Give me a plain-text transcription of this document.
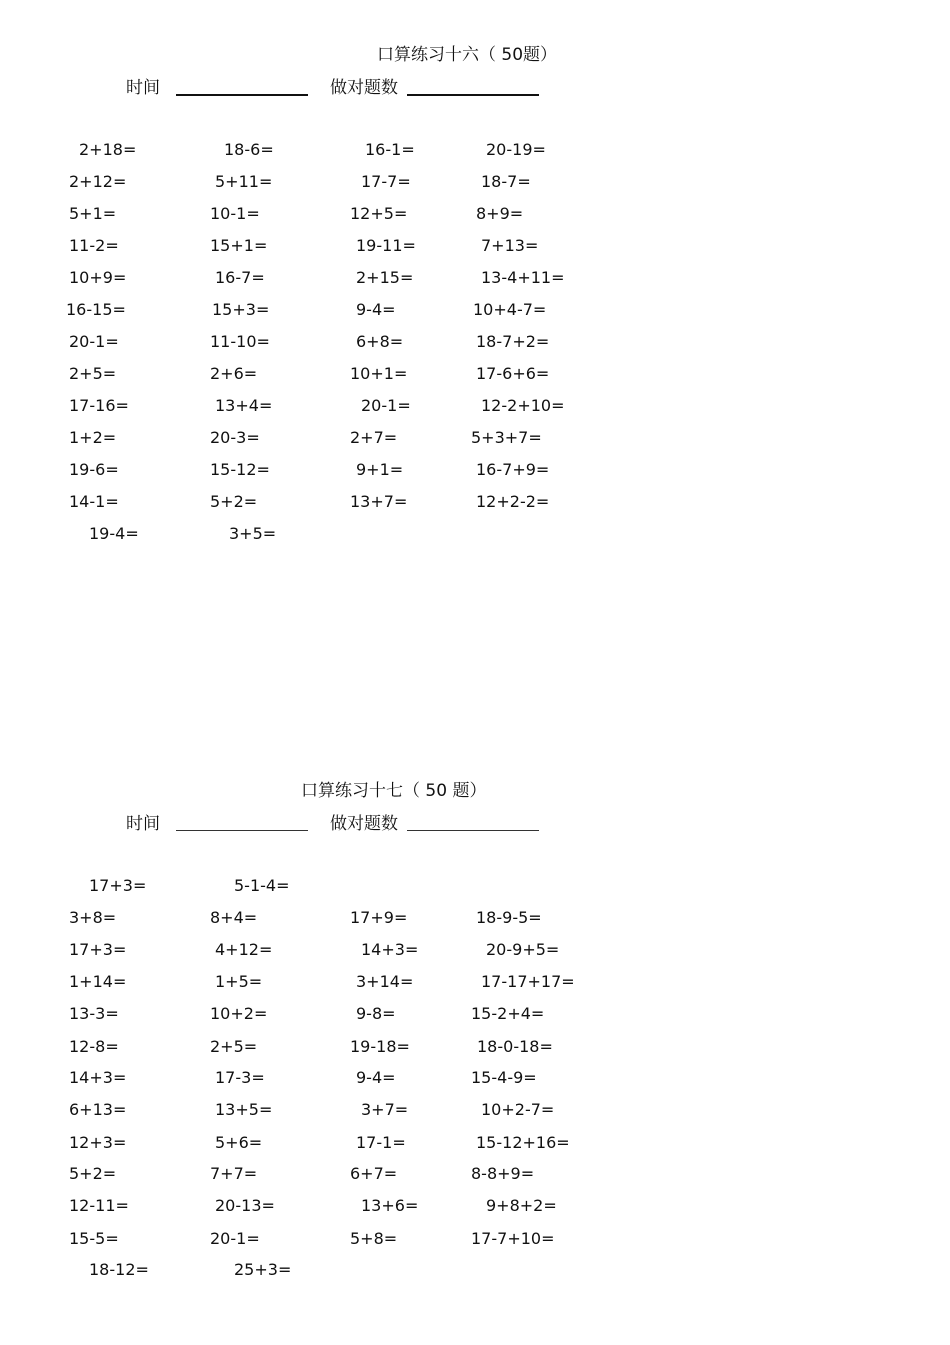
口算练习十六（ 50题）
时间	做对题数
2+18=	18-6=	16-1=	20-19=
2+12=	5+11=	17-7=	18-7=
5+1=	10-1=	12+5=	8+9=
11-2=	15+1=	19-11=	7+13=
10+9=	16-7=	2+15=	13-4+11=
16-15=	15+3=	9-4=	10+4-7=
20-1=	11-10=	6+8=	18-7+2=
2+5=	2+6=	10+1=	17-6+6=
17-16=	13+4=	20-1=	12-2+10=
1+2=	20-3=	2+7=	5+3+7=
19-6=	15-12=	9+1=	16-7+9=
14-1=	5+2=	13+7=	12+2-2=
19-4=	3+5=
口算练习十七（ 50 题）
时间	做对题数
17+3=	5-1-4=
3+8=	8+4=	17+9=	18-9-5=
17+3=	4+12=	14+3=	20-9+5=
1+14=	1+5=	3+14=	17-17+17=
13-3=	10+2=	9-8=	15-2+4=
12-8=	2+5=	19-18=	18-0-18=
14+3=	17-3=	9-4=	15-4-9=
6+13=	13+5=	3+7=	10+2-7=
12+3=	5+6=	17-1=	15-12+16=
5+2=	7+7=	6+7=	8-8+9=
12-11=	20-13=	13+6=	9+8+2=
15-5=	20-1=	5+8=	17-7+10=
18-12=	25+3=
